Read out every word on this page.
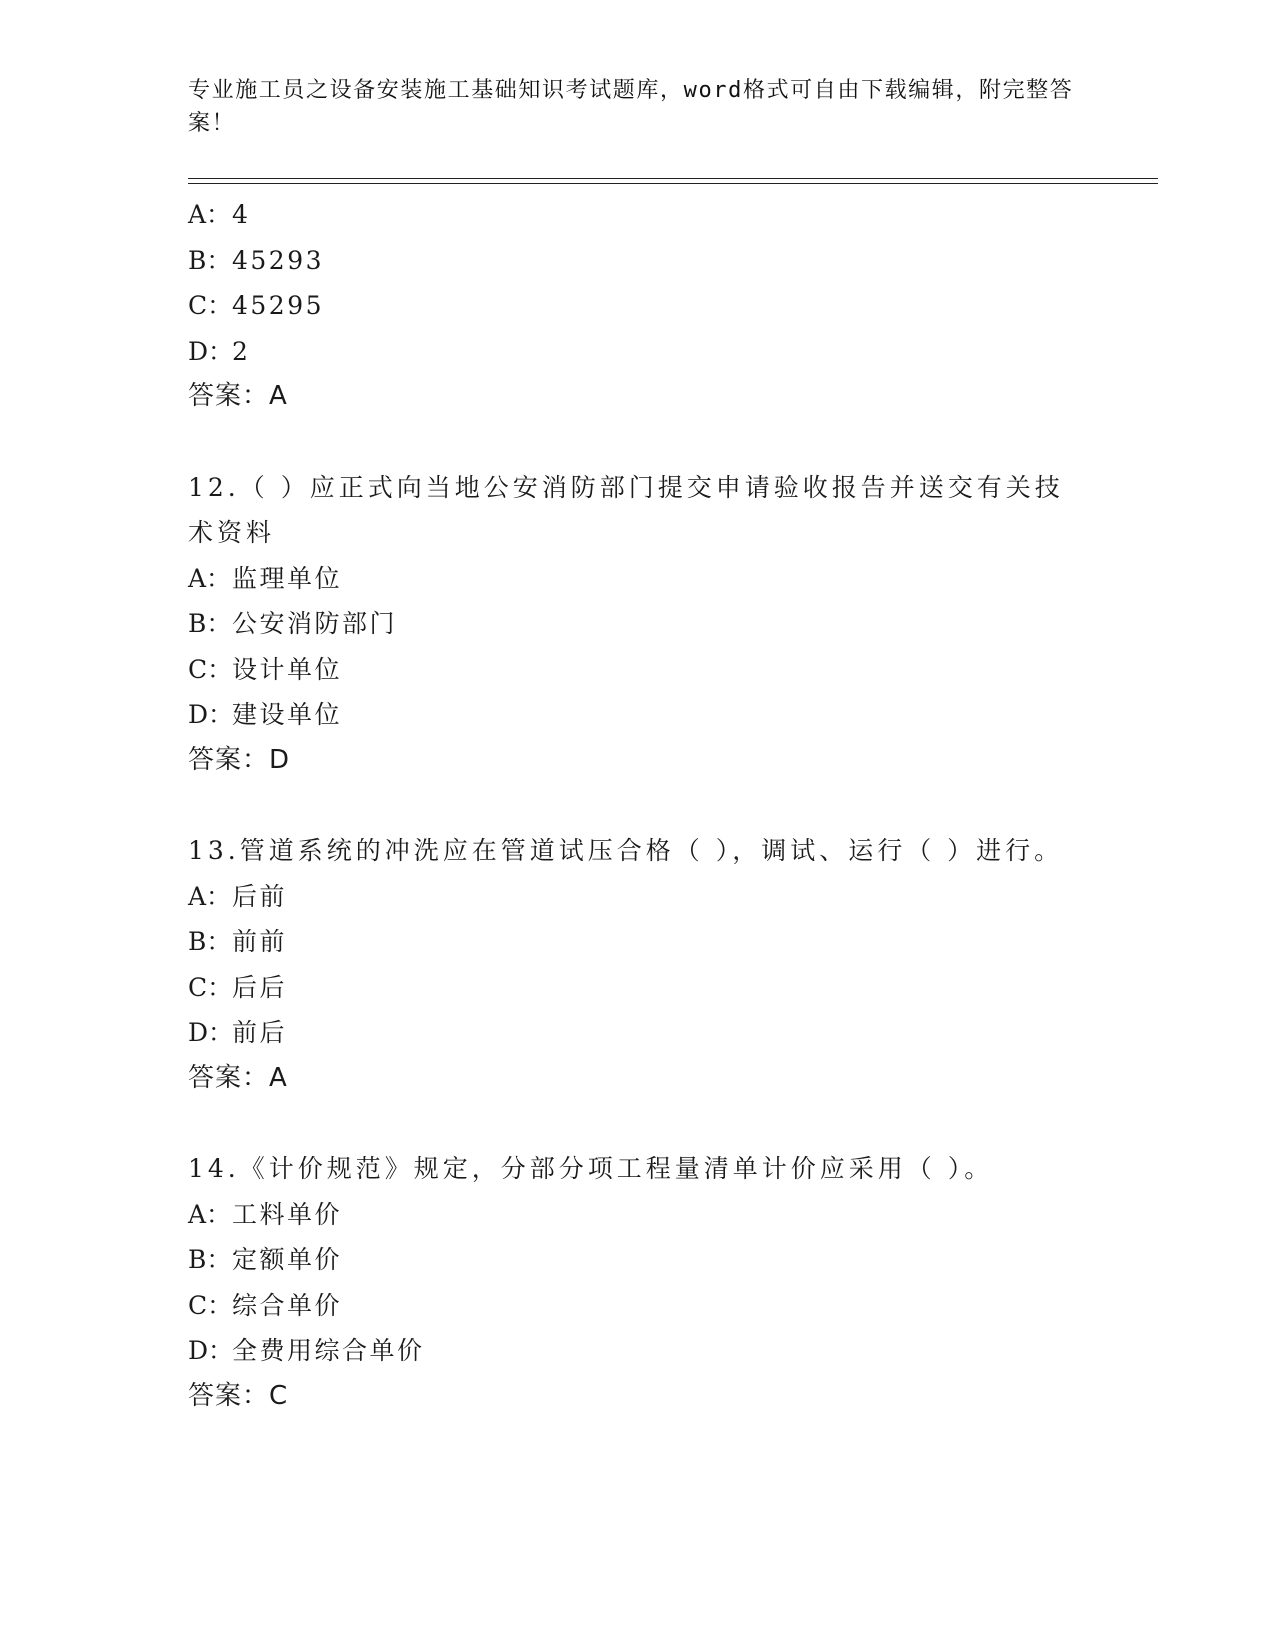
专业施工员之设备安装施工基础知识考试题库，word格式可自由下载编辑，附完整答案！
A：4
B：45293
C：45295
D：2
答案：A
12.（ ）应正式向当地公安消防部门提交申请验收报告并送交有关技术资料
A：监理单位
B：公安消防部门
C：设计单位
D：建设单位
答案：D
13.管道系统的冲洗应在管道试压合格（ ），调试、运行（ ）进行。
A：后前
B：前前
C：后后
D：前后
答案：A
14.《计价规范》规定，分部分项工程量清单计价应采用（ ）。
A：工料单价
B：定额单价
C：综合单价
D：全费用综合单价
答案：C
